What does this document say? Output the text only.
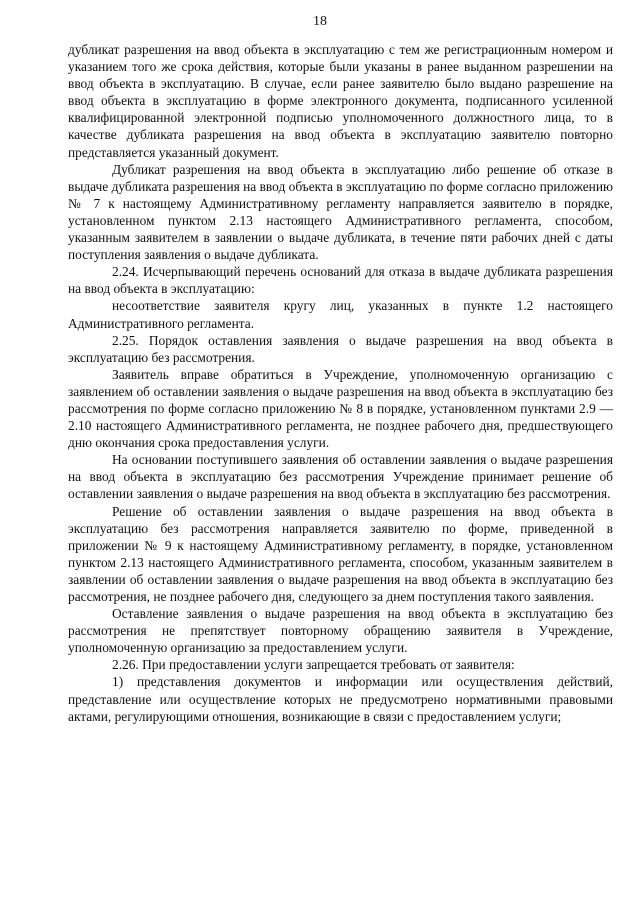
18

дубликат разрешения на ввод объекта в эксплуатацию с тем же регистрационным номером и указанием того же срока действия, которые были указаны в ранее выданном разрешении на ввод объекта в эксплуатацию. В случае, если ранее заявителю было выдано разрешение на ввод объекта в эксплуатацию в форме электронного документа, подписанного усиленной квалифицированной электронной подписью уполномоченного должностного лица, то в качестве дубликата разрешения на ввод объекта в эксплуатацию заявителю повторно представляется указанный документ.

Дубликат разрешения на ввод объекта в эксплуатацию либо решение об отказе в выдаче дубликата разрешения на ввод объекта в эксплуатацию по форме согласно приложению № 7 к настоящему Административному регламенту направляется заявителю в порядке, установленном пунктом 2.13 настоящего Административного регламента, способом, указанным заявителем в заявлении о выдаче дубликата, в течение пяти рабочих дней с даты поступления заявления о выдаче дубликата.

2.24. Исчерпывающий перечень оснований для отказа в выдаче дубликата разрешения на ввод объекта в эксплуатацию:

несоответствие заявителя кругу лиц, указанных в пункте 1.2 настоящего Административного регламента.

2.25. Порядок оставления заявления о выдаче разрешения на ввод объекта в эксплуатацию без рассмотрения.

Заявитель вправе обратиться в Учреждение, уполномоченную организацию с заявлением об оставлении заявления о выдаче разрешения на ввод объекта в эксплуатацию без рассмотрения по форме согласно приложению № 8 в порядке, установленном пунктами 2.9 — 2.10 настоящего Административного регламента, не позднее рабочего дня, предшествующего дню окончания срока предоставления услуги.

На основании поступившего заявления об оставлении заявления о выдаче разрешения на ввод объекта в эксплуатацию без рассмотрения Учреждение принимает решение об оставлении заявления о выдаче разрешения на ввод объекта в эксплуатацию без рассмотрения.

Решение об оставлении заявления о выдаче разрешения на ввод объекта в эксплуатацию без рассмотрения направляется заявителю по форме, приведенной в приложении № 9 к настоящему Административному регламенту, в порядке, установленном пунктом 2.13 настоящего Административного регламента, способом, указанным заявителем в заявлении об оставлении заявления о выдаче разрешения на ввод объекта в эксплуатацию без рассмотрения, не позднее рабочего дня, следующего за днем поступления такого заявления.

Оставление заявления о выдаче разрешения на ввод объекта в эксплуатацию без рассмотрения не препятствует повторному обращению заявителя в Учреждение, уполномоченную организацию за предоставлением услуги.

2.26. При предоставлении услуги запрещается требовать от заявителя:

1) представления документов и информации или осуществления действий, представление или осуществление которых не предусмотрено нормативными правовыми актами, регулирующими отношения, возникающие в связи с предоставлением услуги;
